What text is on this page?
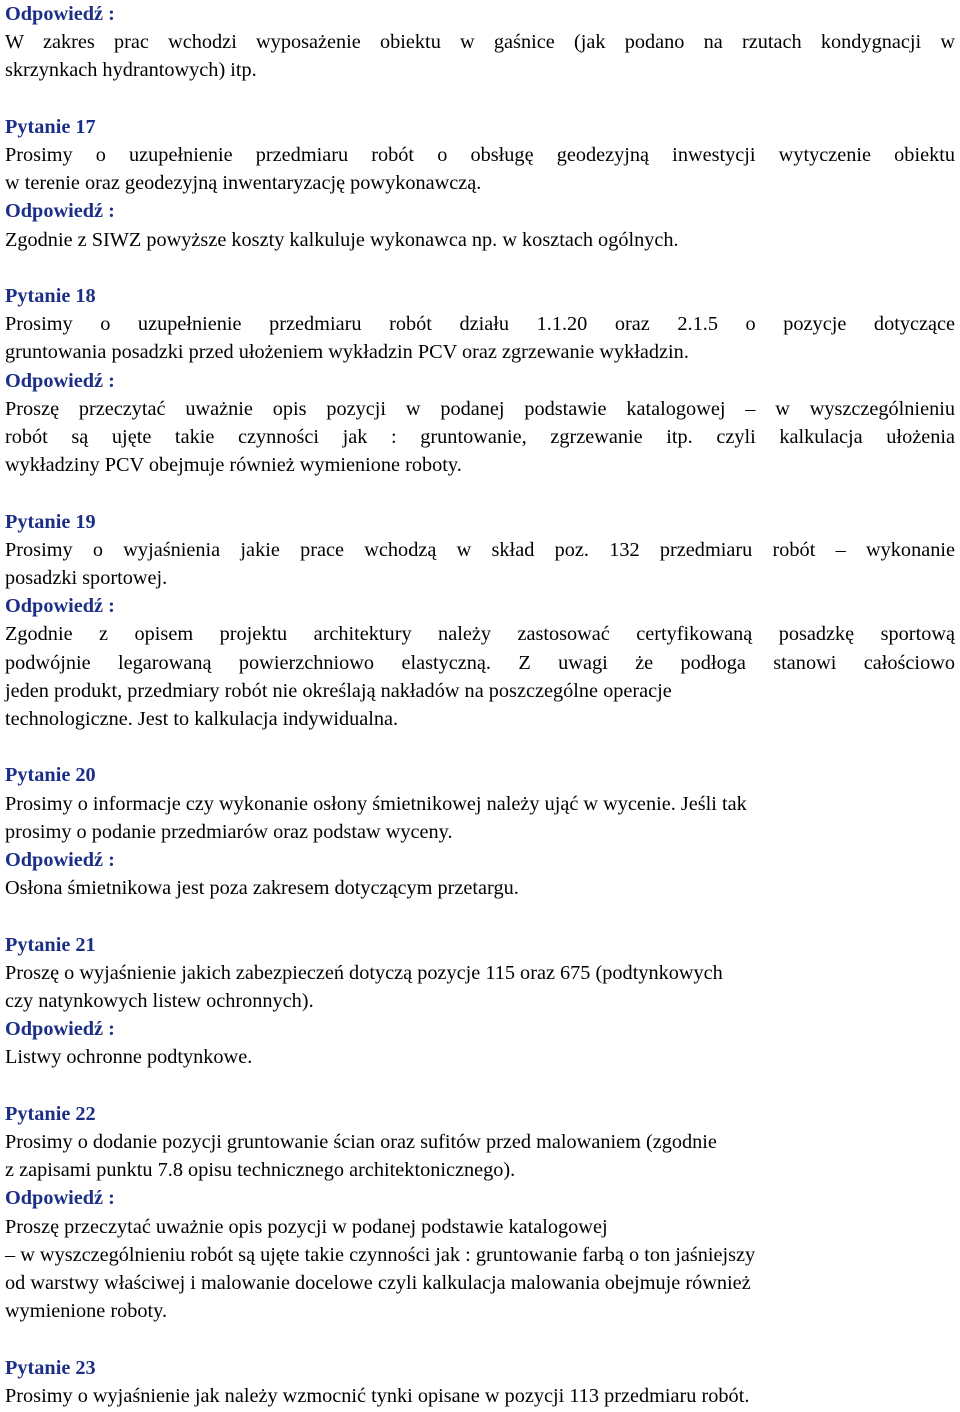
Odpowiedź :
W zakres prac wchodzi wyposażenie obiektu w gaśnice (jak podano na rzutach kondygnacji w
skrzynkach hydrantowych) itp.
Pytanie 17
Prosimy o uzupełnienie przedmiaru robót o obsługę geodezyjną inwestycji wytyczenie obiektu
w terenie oraz geodezyjną inwentaryzację powykonawczą.
Odpowiedź :
Zgodnie z SIWZ powyższe koszty kalkuluje wykonawca np. w kosztach ogólnych.
Pytanie 18
Prosimy o uzupełnienie przedmiaru robót działu 1.1.20 oraz 2.1.5 o pozycje dotyczące
gruntowania posadzki przed ułożeniem wykładzin PCV oraz zgrzewanie wykładzin.
Odpowiedź :
Proszę przeczytać uważnie opis pozycji w podanej podstawie katalogowej – w wyszczególnieniu
robót są ujęte takie czynności jak : gruntowanie, zgrzewanie itp. czyli kalkulacja ułożenia
wykładziny PCV obejmuje również wymienione roboty.
Pytanie 19
Prosimy o wyjaśnienia jakie prace wchodzą w skład poz. 132 przedmiaru robót – wykonanie
posadzki sportowej.
Odpowiedź :
Zgodnie z opisem projektu architektury należy zastosować certyfikowaną posadzkę sportową
podwójnie legarowaną powierzchniowo elastyczną. Z uwagi że podłoga stanowi całościowo
jeden produkt, przedmiary robót nie określają nakładów na poszczególne operacje
technologiczne. Jest to kalkulacja indywidualna.
Pytanie 20
Prosimy o informacje czy wykonanie osłony śmietnikowej należy ująć w wycenie. Jeśli tak
prosimy o podanie przedmiarów oraz podstaw wyceny.
Odpowiedź :
Osłona śmietnikowa jest poza zakresem dotyczącym przetargu.
Pytanie 21
Proszę o wyjaśnienie jakich zabezpieczeń dotyczą pozycje 115 oraz 675 (podtynkowych
czy natynkowych listew ochronnych).
Odpowiedź :
Listwy ochronne podtynkowe.
Pytanie 22
Prosimy o dodanie pozycji gruntowanie ścian oraz sufitów przed malowaniem (zgodnie
z zapisami punktu 7.8 opisu technicznego architektonicznego).
Odpowiedź :
Proszę przeczytać uważnie opis pozycji w podanej podstawie katalogowej
– w wyszczególnieniu robót są ujęte takie czynności jak : gruntowanie farbą o ton jaśniejszy
od warstwy właściwej i malowanie docelowe czyli kalkulacja malowania obejmuje również
wymienione roboty.
Pytanie 23
Prosimy o wyjaśnienie jak należy wzmocnić tynki opisane w pozycji 113 przedmiaru robót.
